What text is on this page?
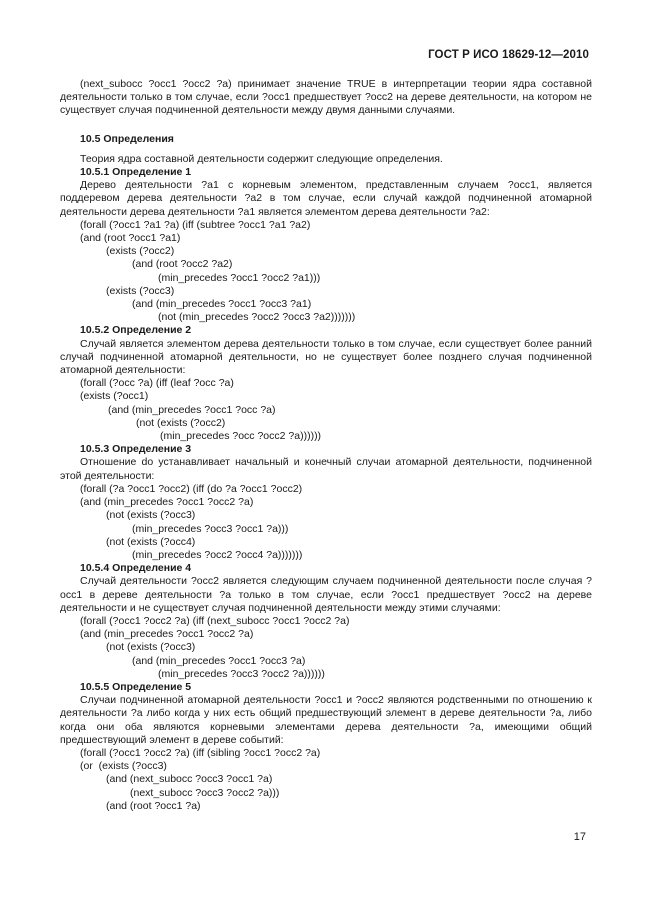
ГОСТ Р ИСО 18629-12—2010
(next_subocc ?occ1 ?occ2 ?a) принимает значение TRUE в интерпретации теории ядра составной деятельности только в том случае, если ?occ1 предшествует ?occ2 на дереве деятельности, на котором не существует случая подчиненной деятельности между двумя данными случаями.
10.5 Определения
Теория ядра составной деятельности содержит следующие определения.
10.5.1 Определение 1
Дерево деятельности ?a1 с корневым элементом, представленным случаем ?occ1, является поддеревом дерева деятельности ?a2 в том случае, если случай каждой подчиненной атомарной деятельности дерева деятельности ?a1 является элементом дерева деятельности ?a2:
(forall (?occ1 ?a1 ?a) (iff (subtree ?occ1 ?a1 ?a2)
(and (root ?occ1 ?a1)
(exists (?occ2)
(and (root ?occ2 ?a2)
(min_precedes ?occ1 ?occ2 ?a1)))
(exists (?occ3)
(and (min_precedes ?occ1 ?occ3 ?a1)
(not (min_precedes ?occ2 ?occ3 ?a2)))))))
10.5.2 Определение 2
Случай является элементом дерева деятельности только в том случае, если существует более ранний случай подчиненной атомарной деятельности, но не существует более позднего случая подчиненной атомарной деятельности:
(forall (?occ ?a) (iff (leaf ?occ ?a)
(exists (?occ1)
(and (min_precedes ?occ1 ?occ ?a)
(not (exists (?occ2)
(min_precedes ?occ ?occ2 ?a))))))
10.5.3 Определение 3
Отношение do устанавливает начальный и конечный случаи атомарной деятельности, подчиненной этой деятельности:
(forall (?a ?occ1 ?occ2) (iff (do ?a ?occ1 ?occ2)
(and (min_precedes ?occ1 ?occ2 ?a)
(not (exists (?occ3)
(min_precedes ?occ3 ?occ1 ?a)))
(not (exists (?occ4)
(min_precedes ?occ2 ?occ4 ?a)))))))
10.5.4 Определение 4
Случай деятельности ?occ2 является следующим случаем подчиненной деятельности после случая ?occ1 в дереве деятельности ?a только в том случае, если ?occ1 предшествует ?occ2 на дереве деятельности и не существует случая подчиненной деятельности между этими случаями:
(forall (?occ1 ?occ2 ?a) (iff (next_subocc ?occ1 ?occ2 ?a)
(and (min_precedes ?occ1 ?occ2 ?a)
(not (exists (?occ3)
(and (min_precedes ?occ1 ?occ3 ?a)
(min_precedes ?occ3 ?occ2 ?a))))))
10.5.5 Определение 5
Случаи подчиненной атомарной деятельности ?occ1 и ?occ2 являются родственными по отношению к деятельности ?a либо когда у них есть общий предшествующий элемент в дереве деятельности ?a, либо когда они оба являются корневыми элементами дерева деятельности ?a, имеющими общий предшествующий элемент в дереве событий:
(forall (?occ1 ?occ2 ?a) (iff (sibling ?occ1 ?occ2 ?a)
(or  (exists (?occ3)
(and (next_subocc ?occ3 ?occ1 ?a)
(next_subocc ?occ3 ?occ2 ?a)))
(and (root ?occ1 ?a)
17
